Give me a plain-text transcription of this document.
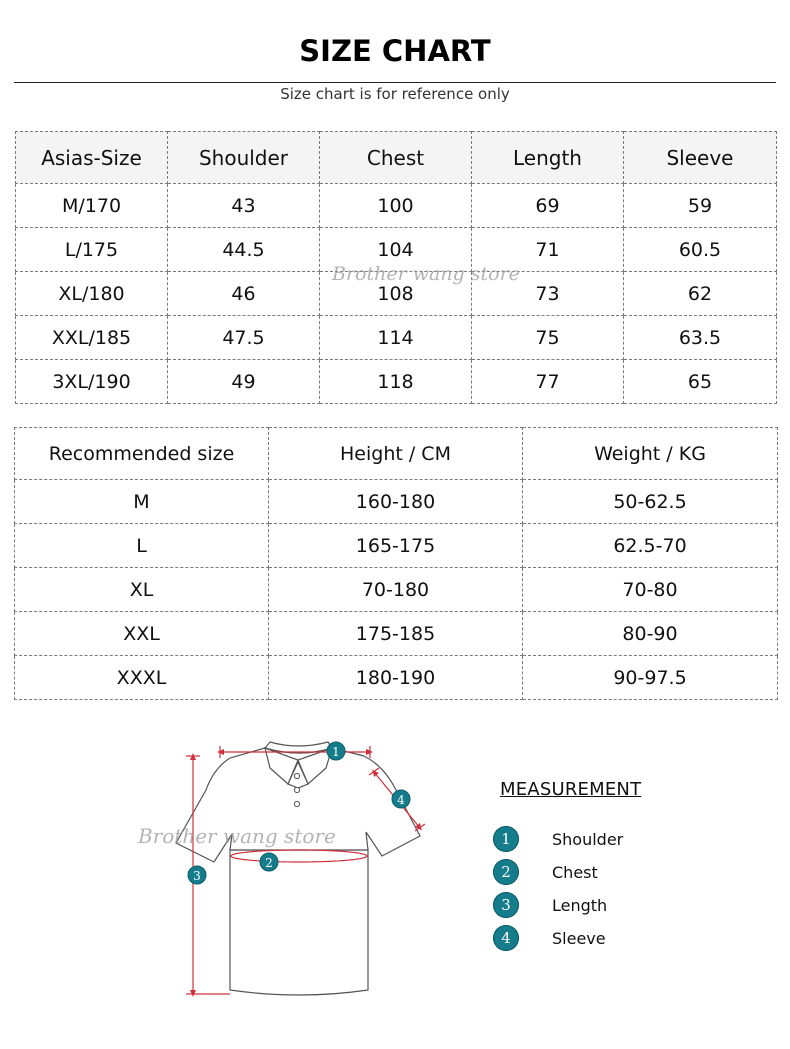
SIZE CHART
Size chart is for reference only
Asias-Size	Shoulder	Chest	Length	Sleeve
M/170	43	100	69	59
L/175	44.5	104	71	60.5
XL/180	46	108	73	62
XXL/185	47.5	114	75	63.5
3XL/190	49	118	77	65
Brother wang store
Recommended size	Height / CM	Weight / KG
M	160-180	50-62.5
L	165-175	62.5-70
XL	70-180	70-80
XXL	175-185	80-90
XXXL	180-190	90-97.5
1
2
3
4
Brother wang store
MEASUREMENT
1	Shoulder
2	Chest
3	Length
4	Sleeve
